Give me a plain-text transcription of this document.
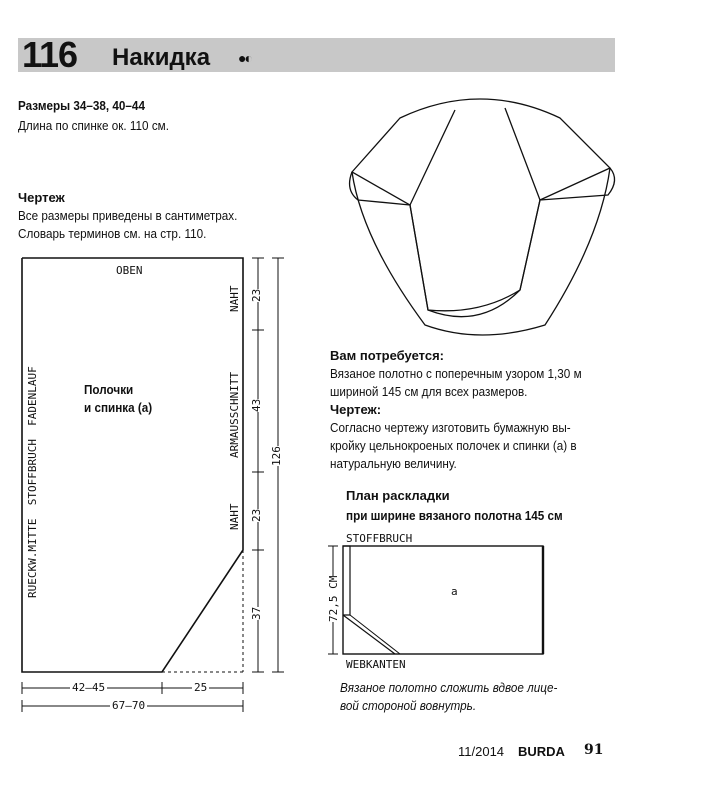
116 Накидка ●◐
Размеры 34–38, 40–44
Длина по спинке ок. 110 см.
Чертеж
Все размеры приведены в сантиметрах.
Словарь терминов см. на стр. 110.
OBEN
RUECKW.MITTE  STOFFBRUCH  FADENLAUF	Полочки
и спинка (а)
NAHT
ARMAUSSCHNITT
NAHT
23
43
23
37
126
42–45	25
67–70
Вам потребуется:
Вязаное полотно с поперечным узором 1,30 м
шириной 145 см для всех размеров.
Чертеж:
Согласно чертежу изготовить бумажную вы-
кройку цельнокроеных полочек и спинки (а) в
натуральную величину.
План раскладки
при ширине вязаного полотна 145 см
STOFFBRUCH
WEBKANTEN
72,5 CM	a
Вязаное полотно сложить вдвое лице-
вой стороной вовнутрь.
11/2014 BURDA 91
